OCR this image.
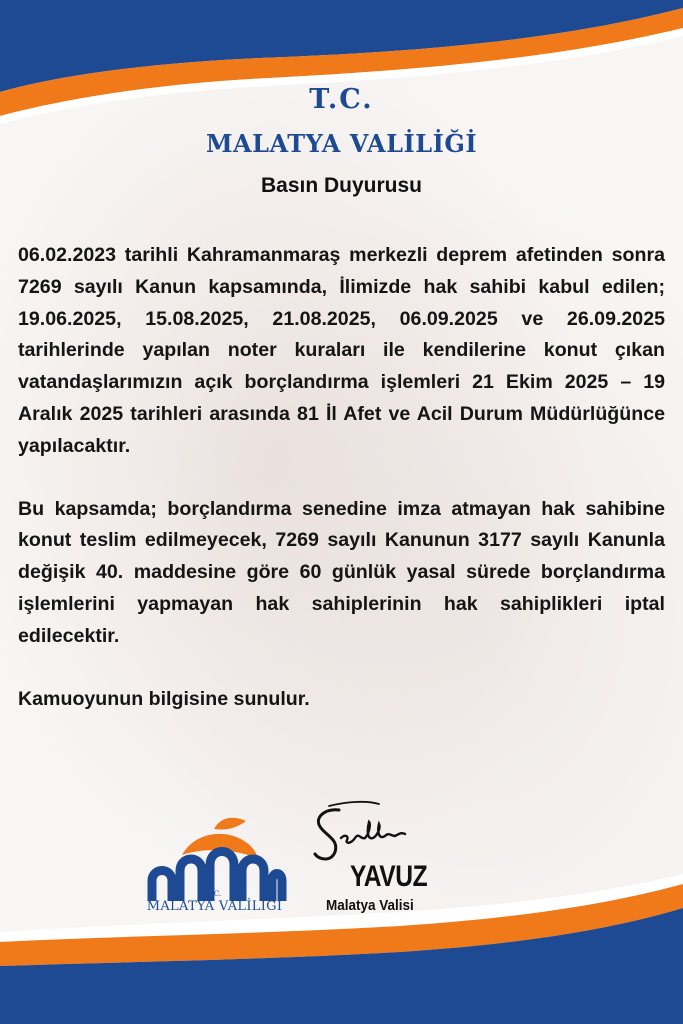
T.C.
MALATYA VALİLİĞİ
Basın Duyurusu

06.02.2023 tarihli Kahramanmaraş merkezli deprem afetinden sonra 7269 sayılı Kanun kapsamında, İlimizde hak sahibi kabul edilen; 19.06.2025, 15.08.2025, 21.08.2025, 06.09.2025 ve 26.09.2025 tarihlerinde yapılan noter kuraları ile kendilerine konut çıkan vatandaşlarımızın açık borçlandırma işlemleri 21 Ekim 2025 – 19 Aralık 2025 tarihleri arasında 81 İl Afet ve Acil Durum Müdürlüğünce yapılacaktır.

Bu kapsamda; borçlandırma senedine imza atmayan hak sahibine konut teslim edilmeyecek, 7269 sayılı Kanunun 3177 sayılı Kanunla değişik 40. maddesine göre 60 günlük yasal sürede borçlandırma işlemlerini yapmayan hak sahiplerinin hak sahiplikleri iptal edilecektir.

Kamuoyunun bilgisine sunulur.

T.C.
MALATYA VALİLİĞİ
YAVUZ
Malatya Valisi
